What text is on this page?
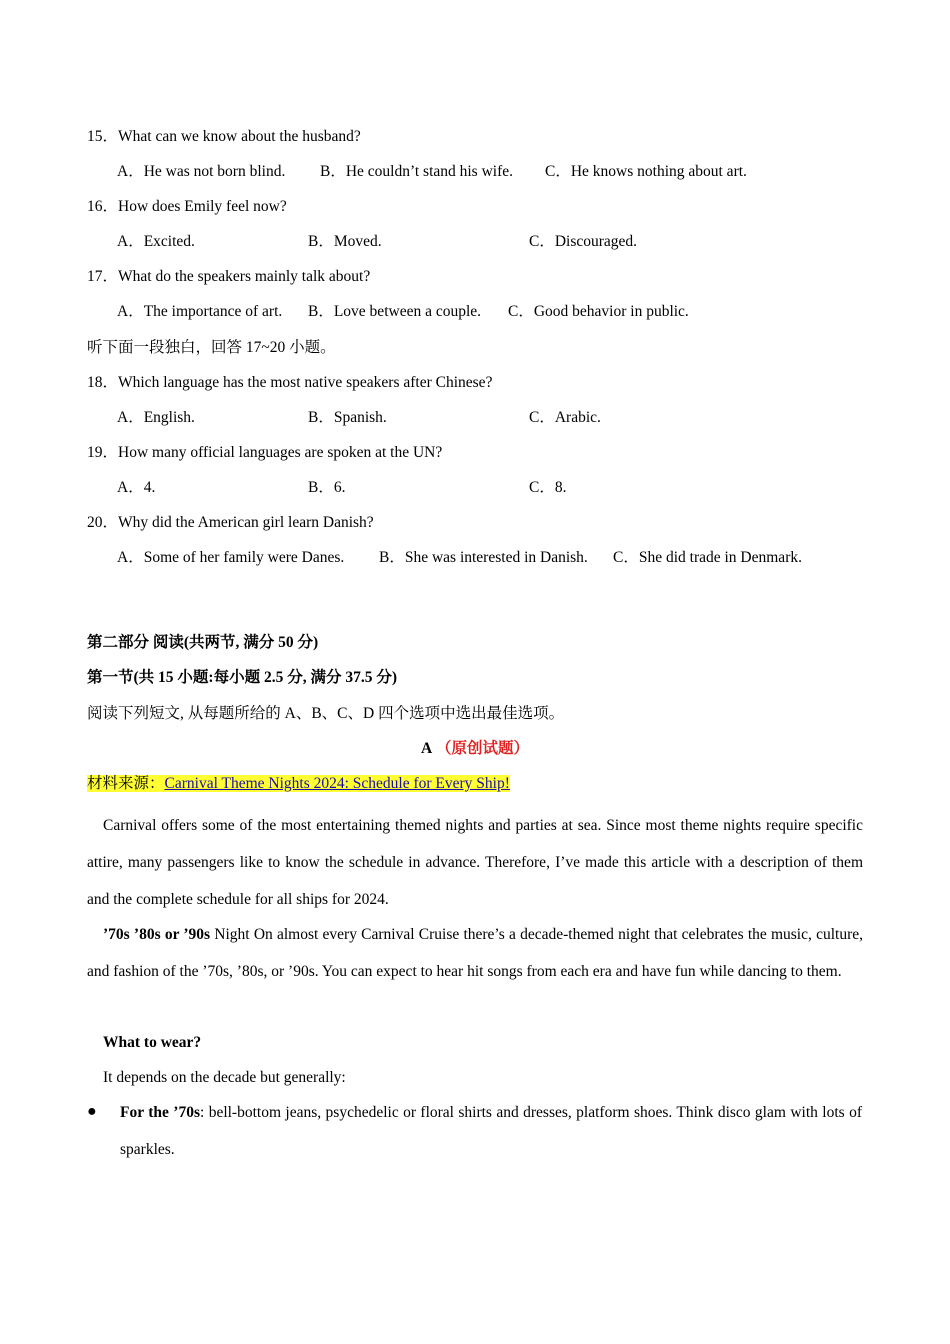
15．What can we know about the husband?
A．He was not born blind. B．He couldn’t stand his wife. C．He knows nothing about art.
16．How does Emily feel now?
A．Excited.	B．Moved.	C．Discouraged.
17．What do the speakers mainly talk about?
A．The importance of art. B．Love between a couple. C．Good behavior in public.
听下面一段独白，回答 17~20 小题。
18．Which language has the most native speakers after Chinese?
A．English.	B．Spanish.	C．Arabic.
19．How many official languages are spoken at the UN?
A．4.	B．6.	C．8.
20．Why did the American girl learn Danish?
A．Some of her family were Danes. B．She was interested in Danish. C．She did trade in Denmark.
第二部分 阅读(共两节, 满分 50 分)
第一节(共 15 小题:每小题 2.5 分, 满分 37.5 分)
阅读下列短文, 从每题所给的 A、B、C、D 四个选项中选出最佳选项。
A （原创试题）
材料来源：Carnival Theme Nights 2024: Schedule for Every Ship!
Carnival offers some of the most entertaining themed nights and parties at sea. Since most theme nights require specific attire, many passengers like to know the schedule in advance. Therefore, I’ve made this article with a description of them and the complete schedule for all ships for 2024.
’70s ’80s or ’90s Night On almost every Carnival Cruise there’s a decade-themed night that celebrates the music, culture, and fashion of the ’70s, ’80s, or ’90s. You can expect to hear hit songs from each era and have fun while dancing to them.
What to wear?
It depends on the decade but generally:
● For the ’70s: bell-bottom jeans, psychedelic or floral shirts and dresses, platform shoes. Think disco glam with lots of sparkles.
